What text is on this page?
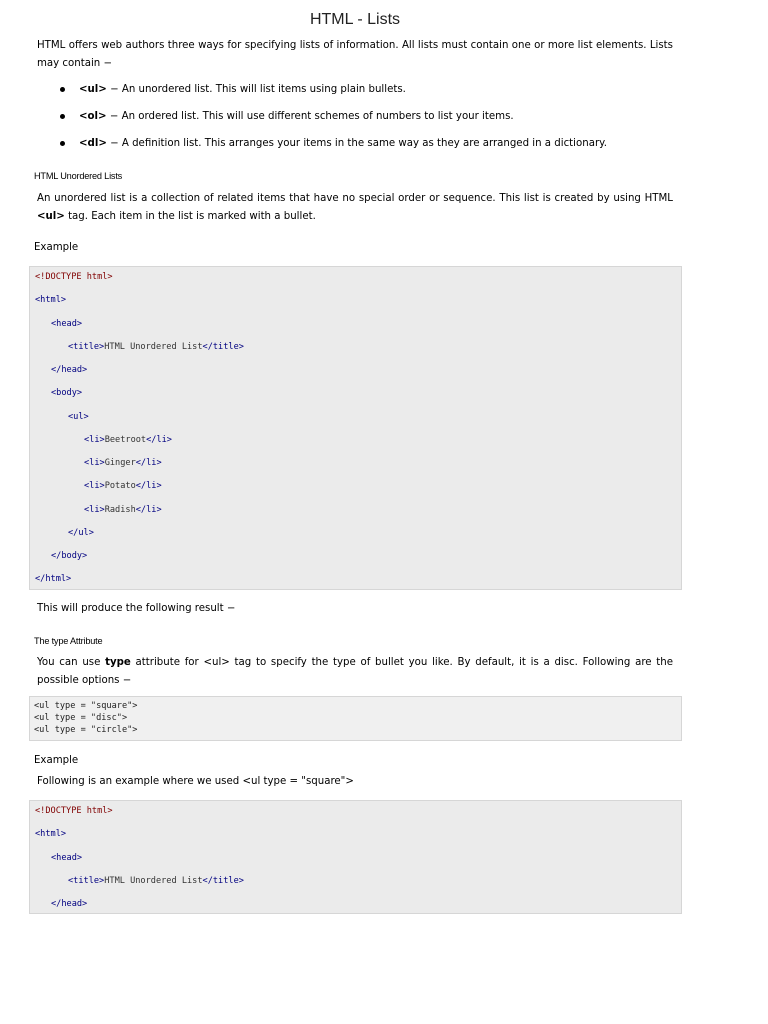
HTML - Lists
HTML offers web authors three ways for specifying lists of information. All lists must contain one or more list elements. Lists may contain −
<ul> − An unordered list. This will list items using plain bullets.
<ol> − An ordered list. This will use different schemes of numbers to list your items.
<dl> − A definition list. This arranges your items in the same way as they are arranged in a dictionary.
HTML Unordered Lists
An unordered list is a collection of related items that have no special order or sequence. This list is created by using HTML <ul> tag. Each item in the list is marked with a bullet.
Example
<!DOCTYPE html>
<html>
<head>
<title>HTML Unordered List</title>
</head>
<body>
<ul>
<li>Beetroot</li>
<li>Ginger</li>
<li>Potato</li>
<li>Radish</li>
</ul>
</body>
</html>
This will produce the following result −
The type Attribute
You can use type attribute for <ul> tag to specify the type of bullet you like. By default, it is a disc. Following are the possible options −
<ul type = "square">
<ul type = "disc">
<ul type = "circle">
Example
Following is an example where we used <ul type = "square">
<!DOCTYPE html>
<html>
<head>
<title>HTML Unordered List</title>
</head>
